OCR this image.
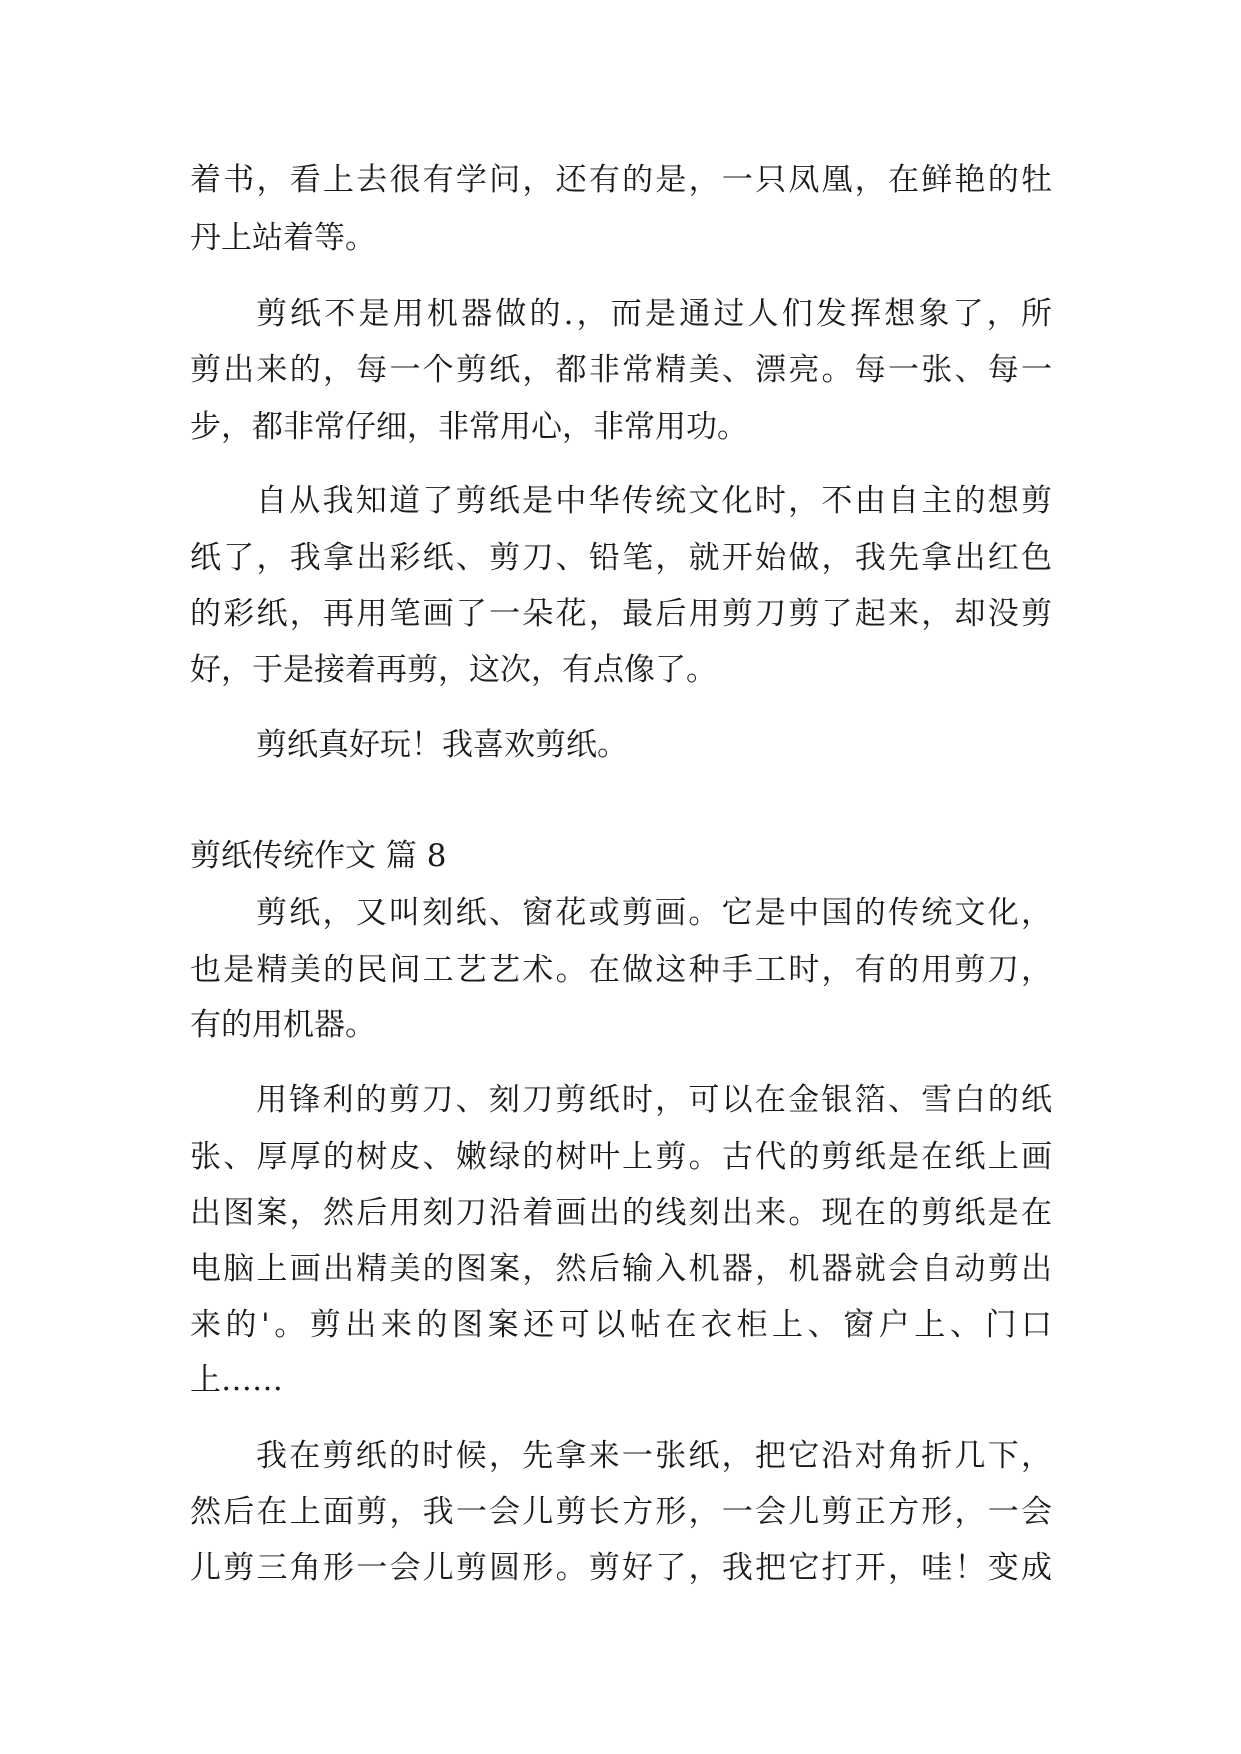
着书，看上去很有学问，还有的是，一只凤凰，在鲜艳的牡
丹上站着等。
剪纸不是用机器做的.，而是通过人们发挥想象了，所
剪出来的，每一个剪纸，都非常精美、漂亮。每一张、每一
步，都非常仔细，非常用心，非常用功。
自从我知道了剪纸是中华传统文化时，不由自主的想剪
纸了，我拿出彩纸、剪刀、铅笔，就开始做，我先拿出红色
的彩纸，再用笔画了一朵花，最后用剪刀剪了起来，却没剪
好，于是接着再剪，这次，有点像了。
剪纸真好玩！我喜欢剪纸。
剪纸传统作文 篇 8
剪纸，又叫刻纸、窗花或剪画。它是中国的传统文化，
也是精美的民间工艺艺术。在做这种手工时，有的用剪刀，
有的用机器。
用锋利的剪刀、刻刀剪纸时，可以在金银箔、雪白的纸
张、厚厚的树皮、嫩绿的树叶上剪。古代的剪纸是在纸上画
出图案，然后用刻刀沿着画出的线刻出来。现在的剪纸是在
电脑上画出精美的图案，然后输入机器，机器就会自动剪出
来的'。剪出来的图案还可以帖在衣柜上、窗户上、门口
上……
我在剪纸的时候，先拿来一张纸，把它沿对角折几下，
然后在上面剪，我一会儿剪长方形，一会儿剪正方形，一会
儿剪三角形一会儿剪圆形。剪好了，我把它打开，哇！变成
